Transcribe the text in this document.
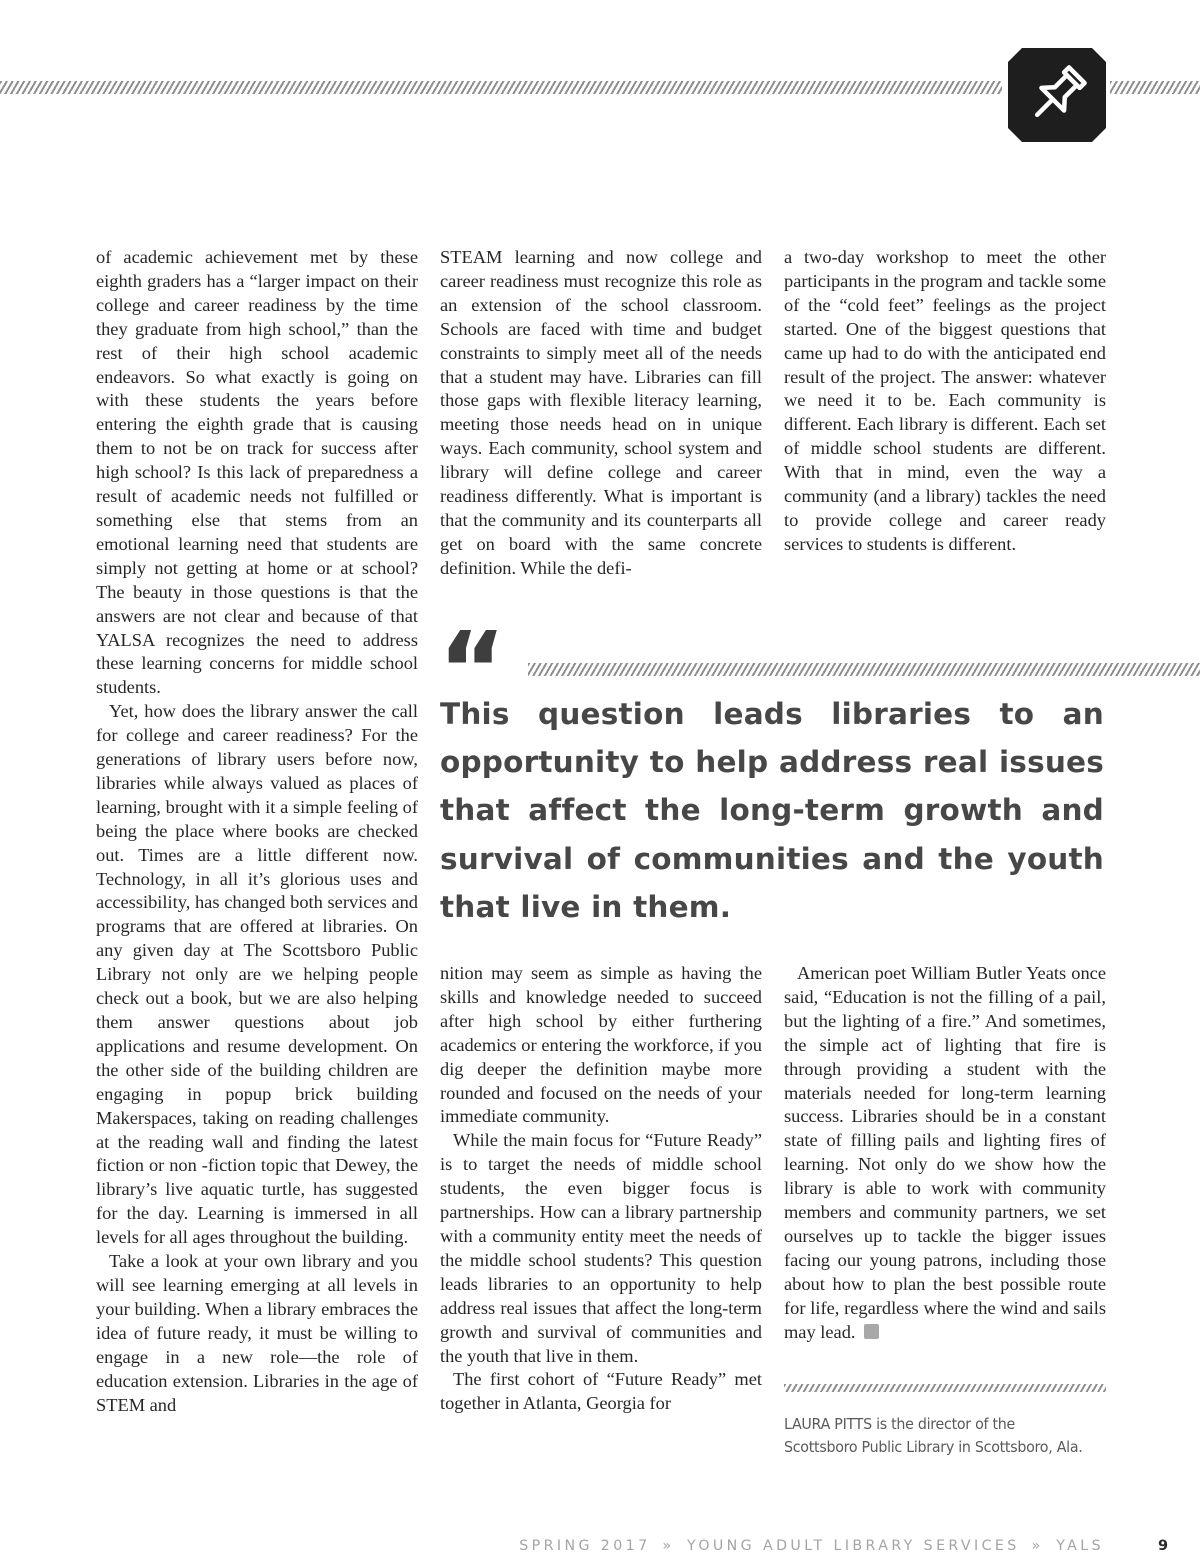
of academic achievement met by these eighth graders has a “larger impact on their college and career readiness by the time they graduate from high school,” than the rest of their high school academic endeavors. So what exactly is going on with these students the years before entering the eighth grade that is causing them to not be on track for success after high school? Is this lack of preparedness a result of academic needs not fulfilled or something else that stems from an emotional learning need that students are simply not getting at home or at school? The beauty in those questions is that the answers are not clear and because of that YALSA recognizes the need to address these learning concerns for middle school students.

Yet, how does the library answer the call for college and career readiness? For the generations of library users before now, libraries while always valued as places of learning, brought with it a simple feeling of being the place where books are checked out. Times are a little different now. Technology, in all it’s glorious uses and accessibility, has changed both services and programs that are offered at libraries. On any given day at The Scottsboro Public Library not only are we helping people check out a book, but we are also helping them answer questions about job applications and resume development. On the other side of the building children are engaging in popup brick building Makerspaces, taking on reading challenges at the reading wall and finding the latest fiction or non -fiction topic that Dewey, the library’s live aquatic turtle, has suggested for the day. Learning is immersed in all levels for all ages throughout the building.

Take a look at your own library and you will see learning emerging at all levels in your building. When a library embraces the idea of future ready, it must be willing to engage in a new role—the role of education extension. Libraries in the age of STEM and

STEAM learning and now college and career readiness must recognize this role as an extension of the school classroom. Schools are faced with time and budget constraints to simply meet all of the needs that a student may have. Libraries can fill those gaps with flexible literacy learning, meeting those needs head on in unique ways. Each community, school system and library will define college and career readiness differently. What is important is that the community and its counterparts all get on board with the same concrete definition. While the defi-

a two-day workshop to meet the other participants in the program and tackle some of the “cold feet” feelings as the project started. One of the biggest questions that came up had to do with the anticipated end result of the project. The answer: whatever we need it to be. Each community is different. Each library is different. Each set of middle school students are different. With that in mind, even the way a community (and a library) tackles the need to provide college and career ready services to students is different.

“

This question leads libraries to an opportunity to help address real issues that affect the long-term growth and survival of communities and the youth that live in them.

nition may seem as simple as having the skills and knowledge needed to succeed after high school by either furthering academics or entering the workforce, if you dig deeper the definition maybe more rounded and focused on the needs of your immediate community.

While the main focus for “Future Ready” is to target the needs of middle school students, the even bigger focus is partnerships. How can a library partnership with a community entity meet the needs of the middle school students? This question leads libraries to an opportunity to help address real issues that affect the long-term growth and survival of communities and the youth that live in them.

The first cohort of “Future Ready” met together in Atlanta, Georgia for

American poet William Butler Yeats once said, “Education is not the filling of a pail, but the lighting of a fire.” And sometimes, the simple act of lighting that fire is through providing a student with the materials needed for long-term learning success. Libraries should be in a constant state of filling pails and lighting fires of learning. Not only do we show how the library is able to work with community members and community partners, we set ourselves up to tackle the bigger issues facing our young patrons, including those about how to plan the best possible route for life, regardless where the wind and sails may lead.

LAURA PITTS is the director of the Scottsboro Public Library in Scottsboro, Ala.

SPRING 2017 » YOUNG ADULT LIBRARY SERVICES » YALS	9
